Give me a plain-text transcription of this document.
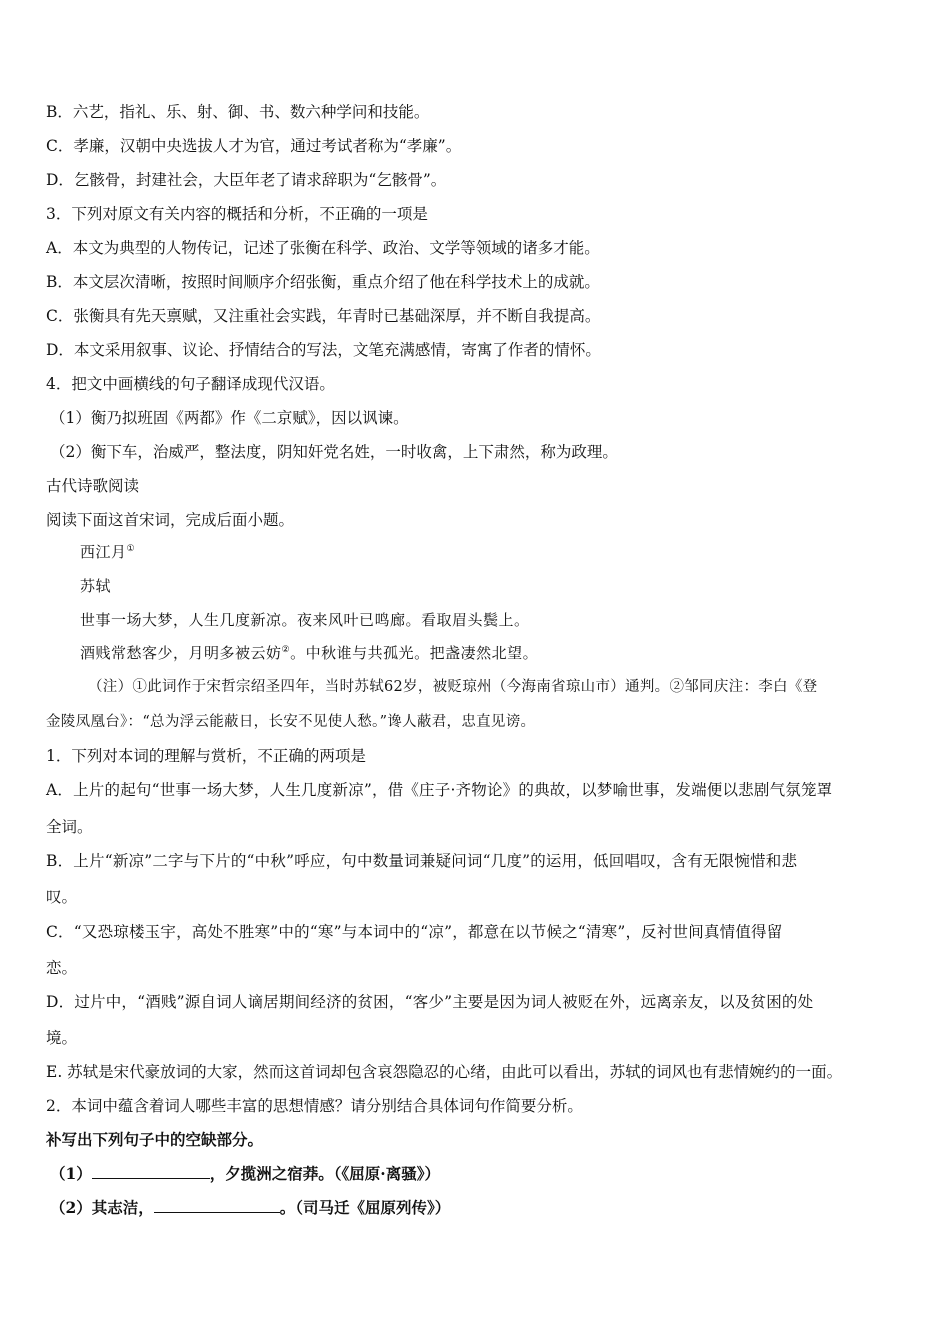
B．六艺，指礼、乐、射、御、书、数六种学问和技能。
C．孝廉，汉朝中央选拔人才为官，通过考试者称为“孝廉”。
D．乞骸骨，封建社会，大臣年老了请求辞职为“乞骸骨”。
3．下列对原文有关内容的概括和分析，不正确的一项是
A．本文为典型的人物传记，记述了张衡在科学、政治、文学等领域的诸多才能。
B．本文层次清晰，按照时间顺序介绍张衡，重点介绍了他在科学技术上的成就。
C．张衡具有先天禀赋，又注重社会实践，年青时已基础深厚，并不断自我提高。
D．本文采用叙事、议论、抒情结合的写法，文笔充满感情，寄寓了作者的情怀。
4．把文中画横线的句子翻译成现代汉语。
（1）衡乃拟班固《两都》作《二京赋》，因以讽谏。
（2）衡下车，治威严，整法度，阴知奸党名姓，一时收禽，上下肃然，称为政理。
古代诗歌阅读
阅读下面这首宋词，完成后面小题。
西江月①
苏轼
世事一场大梦，人生几度新凉。夜来风叶已鸣廊。看取眉头鬓上。
酒贱常愁客少，月明多被云妨②。中秋谁与共孤光。把盏凄然北望。
（注）①此词作于宋哲宗绍圣四年，当时苏轼62岁，被贬琼州（今海南省琼山市）通判。②邹同庆注：李白《登
金陵凤凰台》：“总为浮云能蔽日，长安不见使人愁。”谗人蔽君，忠直见谤。
1．下列对本词的理解与赏析，不正确的两项是
A．上片的起句“世事一场大梦，人生几度新凉”，借《庄子·齐物论》的典故，以梦喻世事，发端便以悲剧气氛笼罩
全词。
B．上片“新凉”二字与下片的“中秋”呼应，句中数量词兼疑问词“几度”的运用，低回唱叹，含有无限惋惜和悲
叹。
C．“又恐琼楼玉宇，高处不胜寒”中的“寒”与本词中的“凉”，都意在以节候之“清寒”，反衬世间真情值得留
恋。
D．过片中，“酒贱”源自词人谪居期间经济的贫困，“客少”主要是因为词人被贬在外，远离亲友，以及贫困的处
境。
E. 苏轼是宋代豪放词的大家，然而这首词却包含哀怨隐忍的心绪，由此可以看出，苏轼的词风也有悲情婉约的一面。
2．本词中蕴含着词人哪些丰富的思想情感？请分别结合具体词句作简要分析。
补写出下列句子中的空缺部分。
（1）	，夕揽洲之宿莽。（《屈原·离骚》）
（2）其志洁，	。（司马迁《屈原列传》）
